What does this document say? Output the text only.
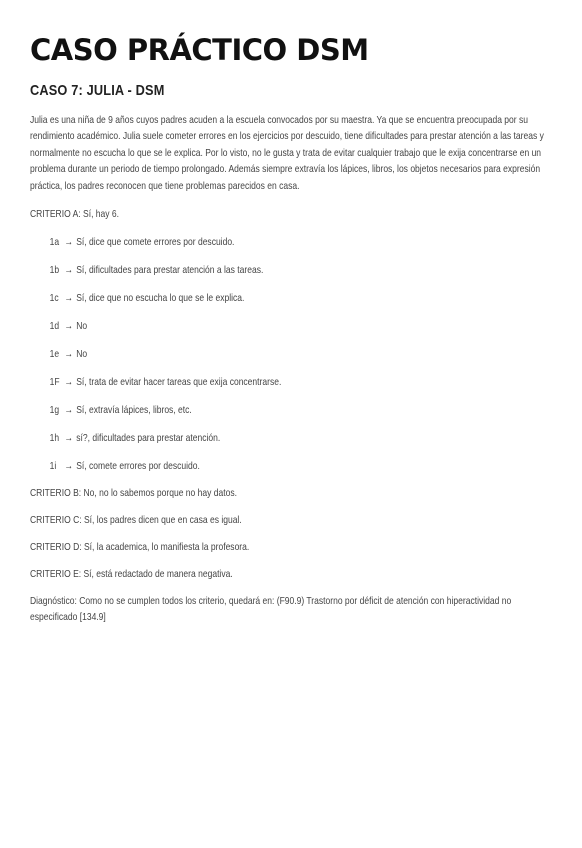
CASO PRÁCTICO DSM
CASO 7: JULIA - DSM

Julia es una niña de 9 años cuyos padres acuden a la escuela convocados por su maestra. Ya que se encuentra preocupada por su rendimiento académico. Julia suele cometer errores en los ejercicios por descuido, tiene dificultades para prestar atención a las tareas y normalmente no escucha lo que se le explica. Por lo visto, no le gusta y trata de evitar cualquier trabajo que le exija concentrarse en un problema durante un periodo de tiempo prolongado. Además siempre extravía los lápices, libros, los objetos necesarios para expresión práctica, los padres reconocen que tiene problemas parecidos en casa.

CRITERIO A: Sí, hay 6.

1a → Sí, dice que comete errores por descuido.

1b → Sí, dificultades para prestar atención a las tareas.

1c → Sí, dice que no escucha lo que se le explica.

1d → No

1e → No

1F → Sí, trata de evitar hacer tareas que exija concentrarse.

1g → Sí, extravía lápices, libros, etc.

1h → sí?, dificultades para prestar atención.

1i → Sí, comete errores por descuido.

CRITERIO B: No, no lo sabemos porque no hay datos.

CRITERIO C: Sí, los padres dicen que en casa es igual.

CRITERIO D: Sí, la academica, lo manifiesta la profesora.

CRITERIO E: Sí, está redactado de manera negativa.

Diagnóstico: Como no se cumplen todos los criterio, quedará en: (F90.9) Trastorno por déficit de atención con hiperactividad no especificado [134.9]
